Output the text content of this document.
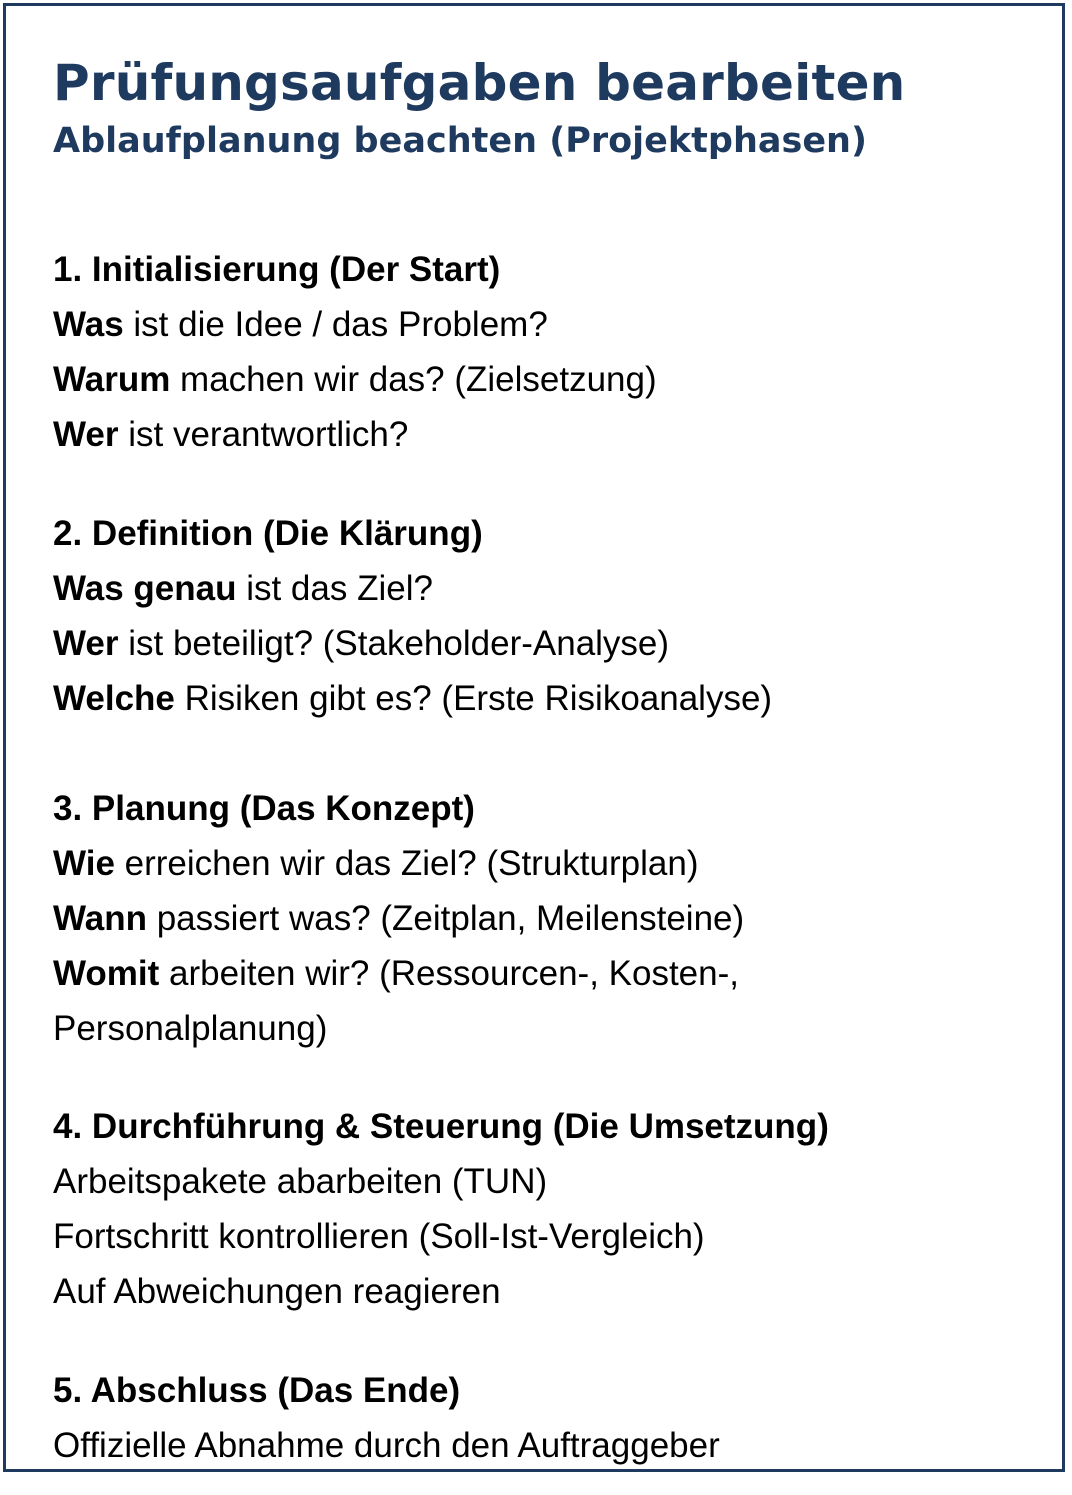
Prüfungsaufgaben bearbeiten
Ablaufplanung beachten (Projektphasen)

1. Initialisierung (Der Start)

Was ist die Idee / das Problem?

Warum machen wir das? (Zielsetzung)

Wer ist verantwortlich?

2. Definition (Die Klärung)

Was genau ist das Ziel?

Wer ist beteiligt? (Stakeholder-Analyse)

Welche Risiken gibt es? (Erste Risikoanalyse)

3. Planung (Das Konzept)

Wie erreichen wir das Ziel? (Strukturplan)

Wann passiert was? (Zeitplan, Meilensteine)

Womit arbeiten wir? (Ressourcen-, Kosten-, Personalplanung)

4. Durchführung & Steuerung (Die Umsetzung)

Arbeitspakete abarbeiten (TUN)

Fortschritt kontrollieren (Soll-Ist-Vergleich)

Auf Abweichungen reagieren

5. Abschluss (Das Ende)

Offizielle Abnahme durch den Auftraggeber
